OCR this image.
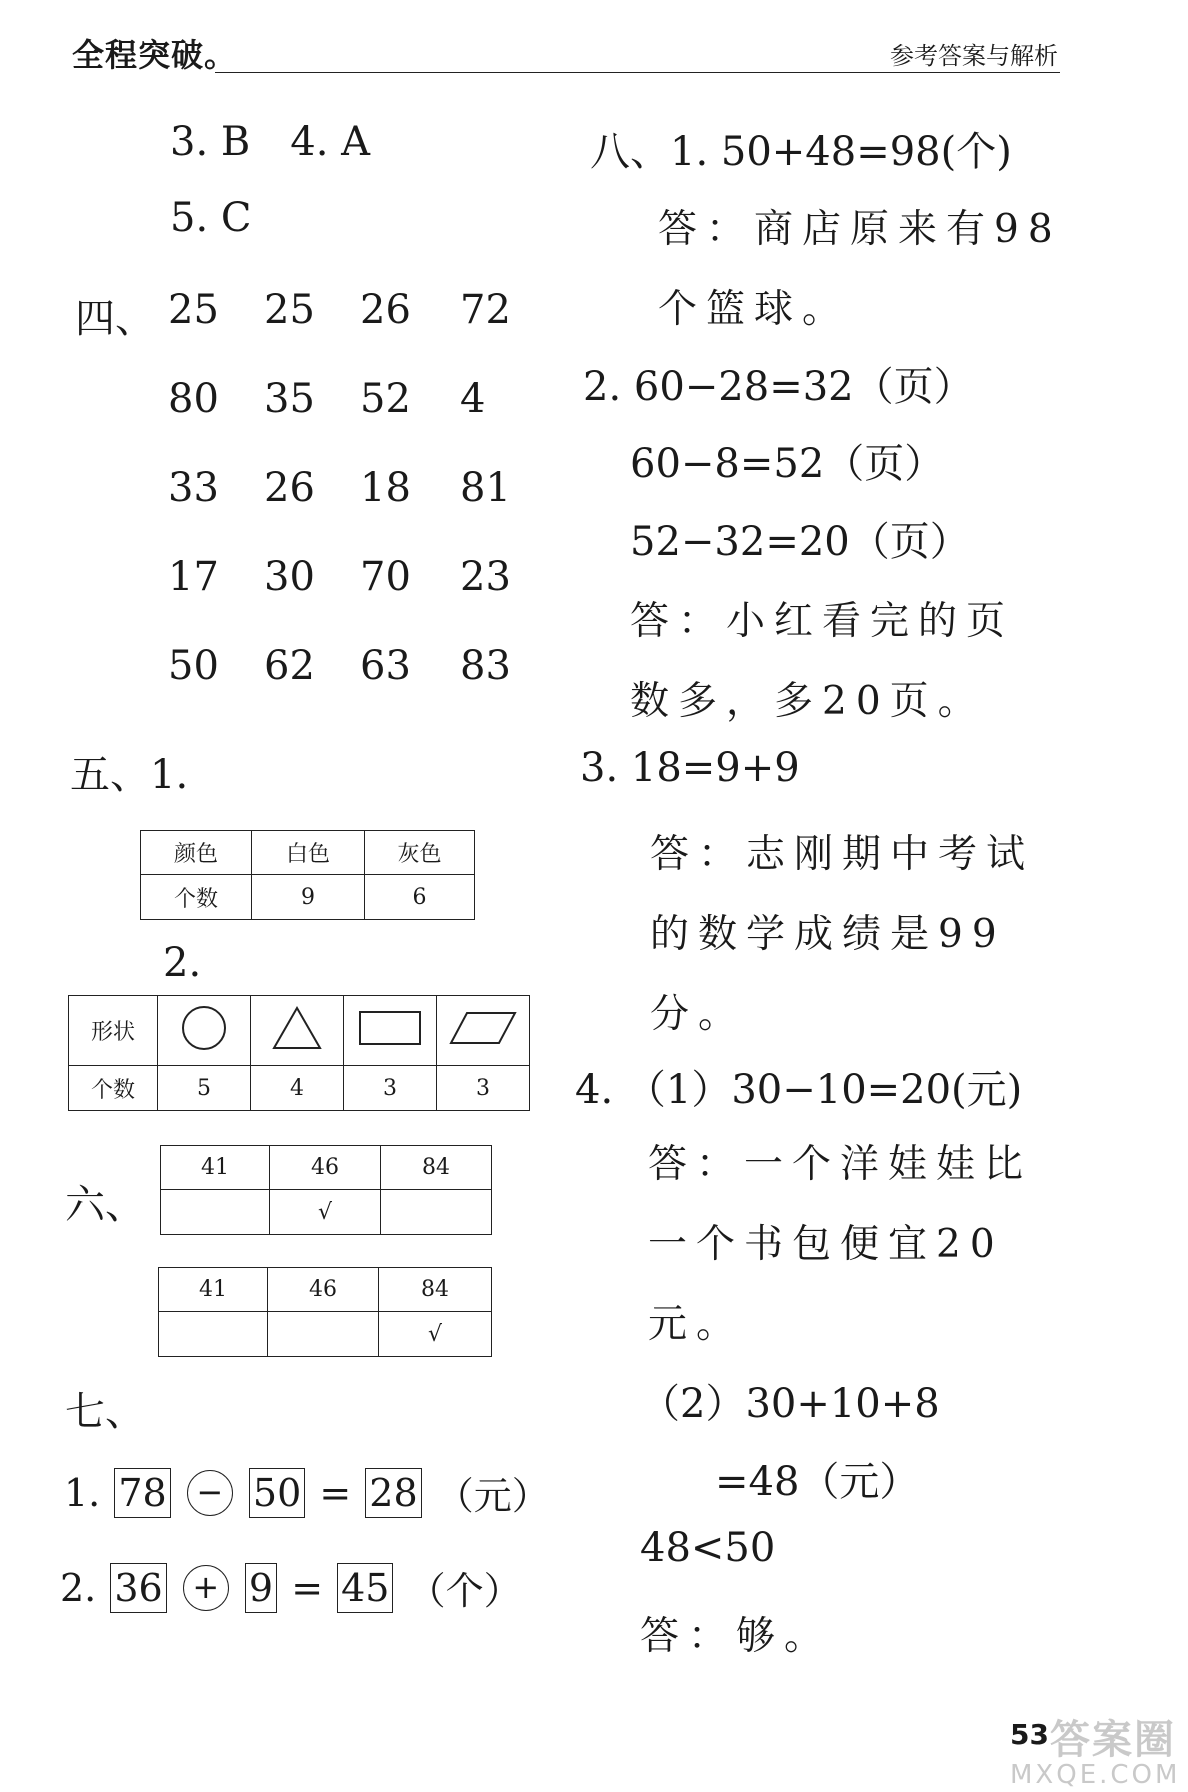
全程突破。	参考答案与解析
3. B　4. A
5. C
四、 25 25 26 72
80 35 52 4
33 26 18 81
17 30 70 23
50 62 63 83
五、1.
颜色	白色	灰色
个数	9	6
2.
形状				
个数	5	4	3	3
六、
41	46	84
	√	
41	46	84
		√
七、
1. 78 − 50 = 28 （元）
2. 36 + 9 = 45 （个）
八、1. 50+48=98(个)
答：商店原来有98
个篮球。
2. 60−28=32（页）
60−8=52（页）
52−32=20（页）
答：小红看完的页
数多，多20页。
3. 18=9+9
答：志刚期中考试
的数学成绩是99
分。
4. （1）30−10=20(元)
答：一个洋娃娃比
一个书包便宜20
元。
（2）30+10+8
=48（元）
48<50
答：够。
53 答案圈
MXQE.COM
